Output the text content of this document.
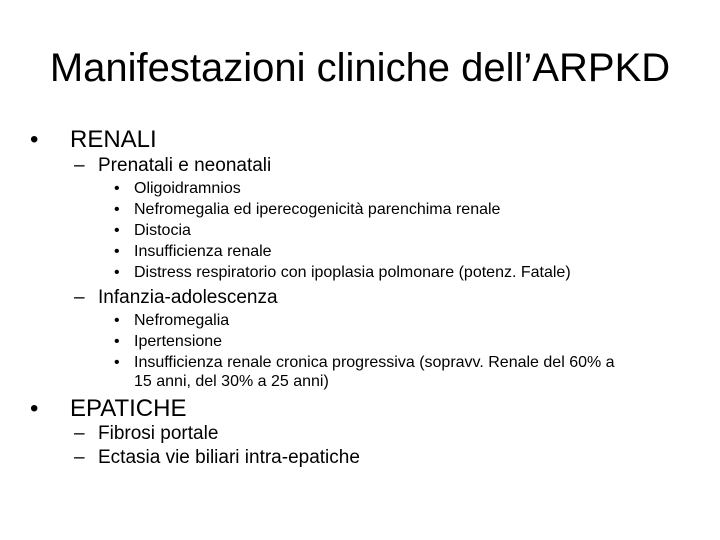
Manifestazioni cliniche dell’ARPKD
• RENALI
– Prenatali e neonatali
• Oligoidramnios
• Nefromegalia ed iperecogenicità parenchima renale
• Distocia
• Insufficienza renale
• Distress respiratorio con ipoplasia polmonare (potenz. Fatale)
– Infanzia-adolescenza
• Nefromegalia
• Ipertensione
• Insufficienza renale cronica progressiva (sopravv. Renale del 60% a
15 anni, del 30% a 25 anni)
• EPATICHE
– Fibrosi portale
– Ectasia vie biliari intra-epatiche
